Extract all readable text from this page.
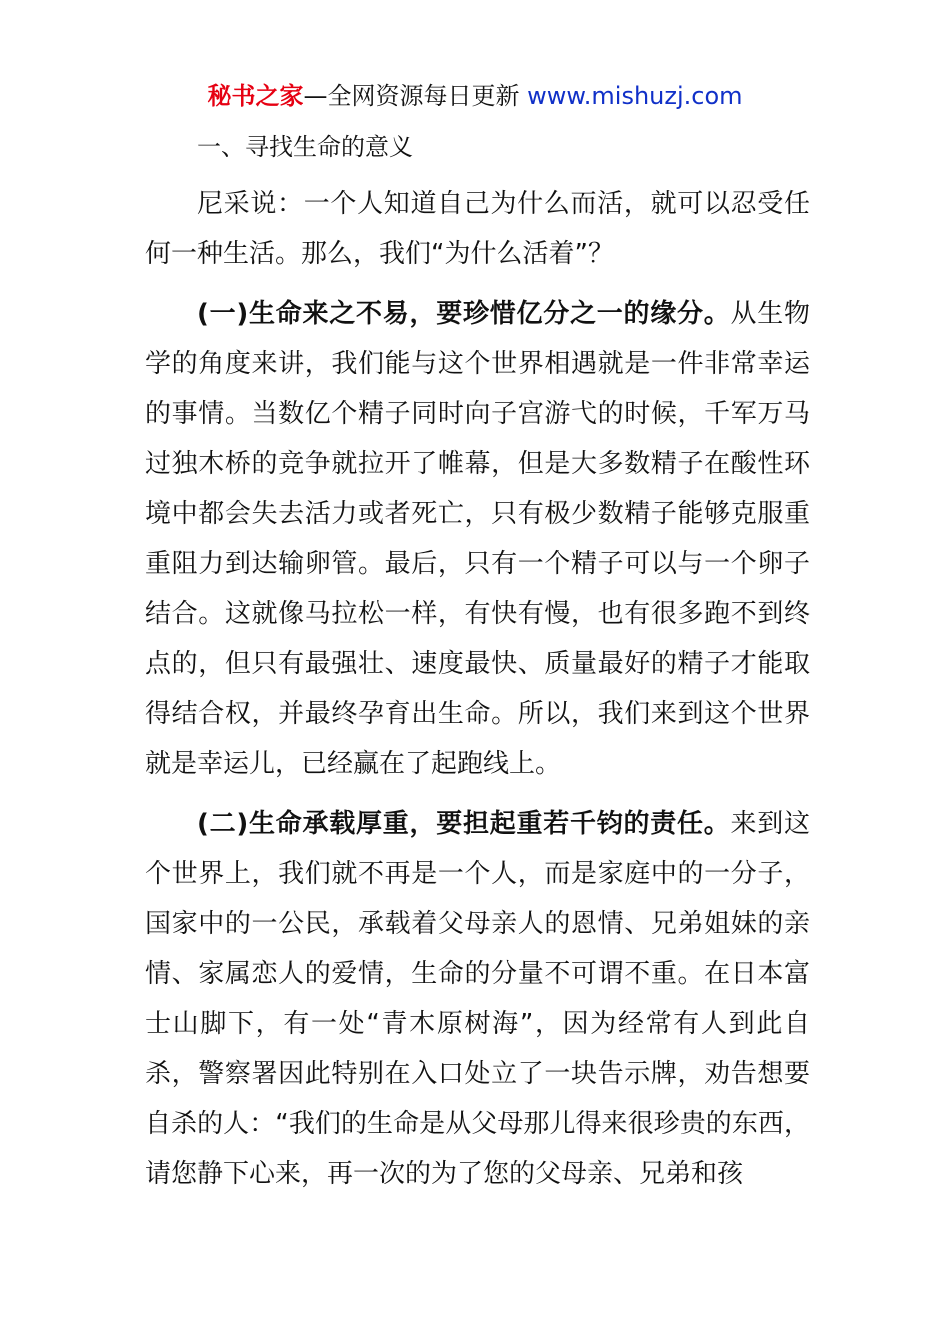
秘书之家—全网资源每日更新 www.mishuzj.com

一、寻找生命的意义

尼采说：一个人知道自己为什么而活，就可以忍受任何一种生活。那么，我们“为什么活着”？

(一)生命来之不易，要珍惜亿分之一的缘分。从生物学的角度来讲，我们能与这个世界相遇就是一件非常幸运的事情。当数亿个精子同时向子宫游弋的时候，千军万马过独木桥的竞争就拉开了帷幕，但是大多数精子在酸性环境中都会失去活力或者死亡，只有极少数精子能够克服重重阻力到达输卵管。最后，只有一个精子可以与一个卵子结合。这就像马拉松一样，有快有慢，也有很多跑不到终点的，但只有最强壮、速度最快、质量最好的精子才能取得结合权，并最终孕育出生命。所以，我们来到这个世界就是幸运儿，已经赢在了起跑线上。

(二)生命承载厚重，要担起重若千钧的责任。来到这个世界上，我们就不再是一个人，而是家庭中的一分子，国家中的一公民，承载着父母亲人的恩情、兄弟姐妹的亲情、家属恋人的爱情，生命的分量不可谓不重。在日本富士山脚下，有一处“青木原树海”，因为经常有人到此自杀，警察署因此特别在入口处立了一块告示牌，劝告想要自杀的人：“我们的生命是从父母那儿得来很珍贵的东西，请您静下心来，再一次的为了您的父母亲、兄弟和孩
